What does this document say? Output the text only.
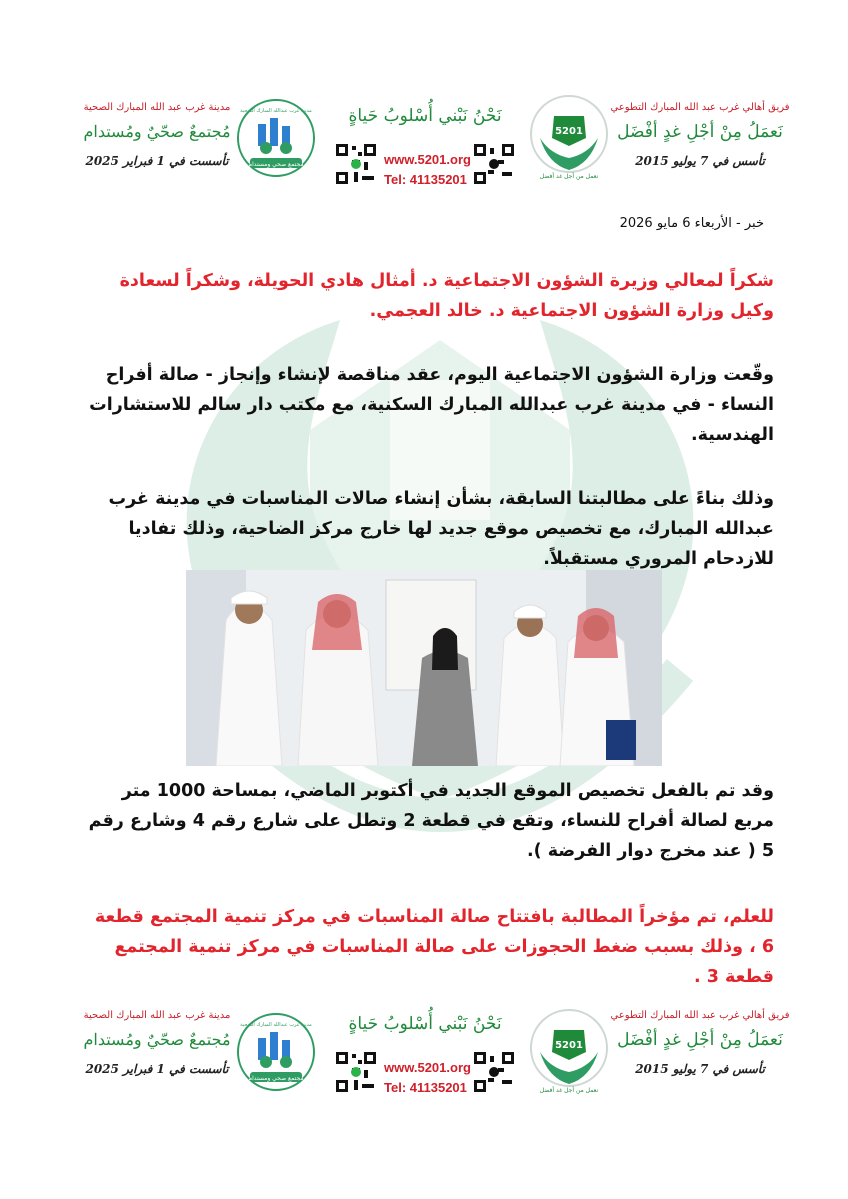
فريق أهالي غرب عبد الله المبارك التطوعي
نَعمَلُ مِنْ أجْلِ غدٍ أفْضَل
تأسس في 7 يوليو 2015
5201
نعمل من أجل غد أفضل
نَحْنُ نَبْني أُسْلوبُ حَياةٍ
www.5201.org
Tel: 41135201
مجتمع صحي ومستدام
مدينة غرب عبدالله المبارك الصحية
مدينة غرب عبد الله المبارك الصحية
مُجتمعٌ صحّيٌ ومُستدام
تأسست في 1 فبراير 2025
خبر - الأربعاء 6 مايو 2026
شكراً لمعالي وزيرة الشؤون الاجتماعية د. أمثال هادي الحويلة، وشكراً لسعادة وكيل وزارة الشؤون الاجتماعية د. خالد العجمي.
وقّعت وزارة الشؤون الاجتماعية اليوم، عقد مناقصة لإنشاء وإنجاز - صالة أفراح النساء - في مدينة غرب عبدالله المبارك السكنية، مع مكتب دار سالم للاستشارات الهندسية.
وذلك بناءً على مطالبتنا السابقة، بشأن إنشاء صالات المناسبات في مدينة غرب عبدالله المبارك، مع تخصيص موقع جديد لها خارج مركز الضاحية، وذلك تفاديا للازدحام المروري مستقبلاً.
وقد تم بالفعل تخصيص الموقع الجديد في أكتوبر الماضي، بمساحة 1000 متر مربع لصالة أفراح للنساء، وتقع في قطعة 2 وتطل على شارع رقم 4 وشارع رقم 5 ( عند مخرج دوار الفرضة ).
للعلم، تم مؤخراً المطالبة بافتتاح صالة المناسبات في مركز تنمية المجتمع قطعة 6 ، وذلك بسبب ضغط الحجوزات على صالة المناسبات في مركز تنمية المجتمع قطعة 3 .
فريق أهالي غرب عبد الله المبارك التطوعي
نَعمَلُ مِنْ أجْلِ غدٍ أفْضَل
تأسس في 7 يوليو 2015
5201
نعمل من أجل غد أفضل
نَحْنُ نَبْني أُسْلوبُ حَياةٍ
www.5201.org
Tel: 41135201
مجتمع صحي ومستدام
مدينة غرب عبدالله المبارك الصحية
مدينة غرب عبد الله المبارك الصحية
مُجتمعٌ صحّيٌ ومُستدام
تأسست في 1 فبراير 2025
